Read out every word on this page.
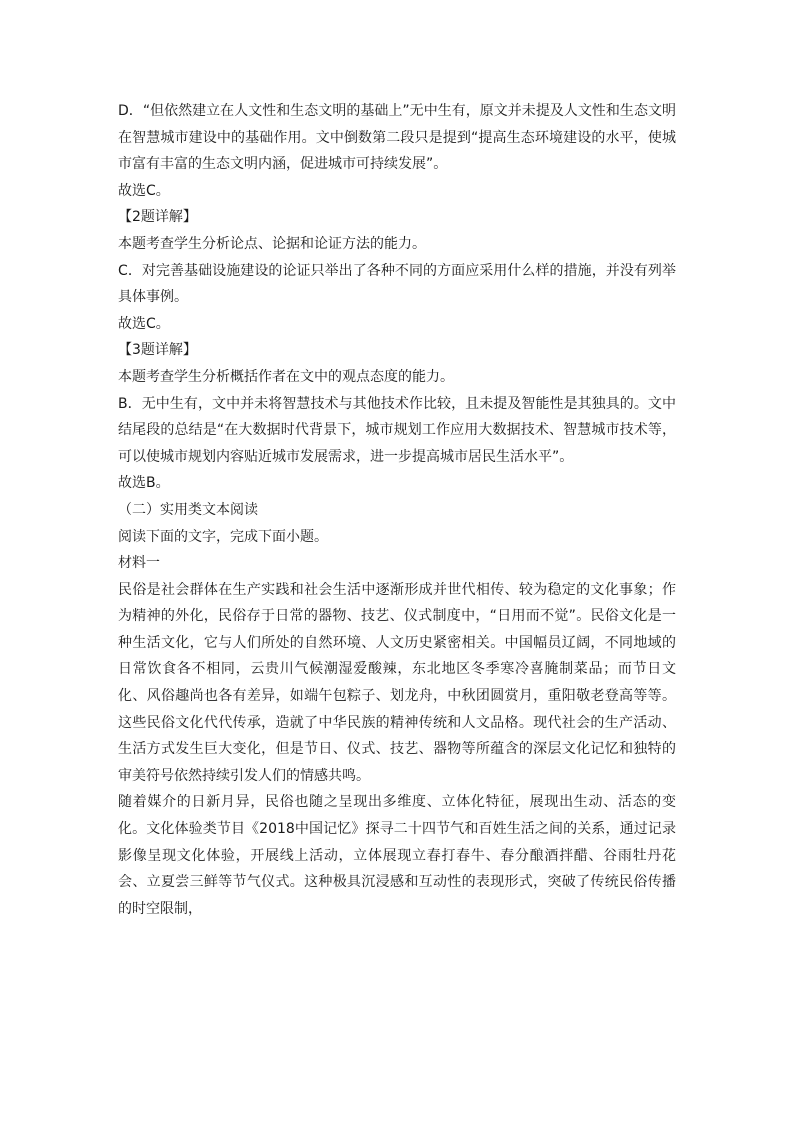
D．“但依然建立在人文性和生态文明的基础上”无中生有，原文并未提及人文性和生态文明在智慧城市建设中的基础作用。文中倒数第二段只是提到“提高生态环境建设的水平，使城市富有丰富的生态文明内涵，促进城市可持续发展”。

故选C。

【2题详解】

本题考查学生分析论点、论据和论证方法的能力。

C．对完善基础设施建设的论证只举出了各种不同的方面应采用什么样的措施，并没有列举具体事例。

故选C。

【3题详解】

本题考查学生分析概括作者在文中的观点态度的能力。

B．无中生有，文中并未将智慧技术与其他技术作比较，且未提及智能性是其独具的。文中结尾段的总结是“在大数据时代背景下，城市规划工作应用大数据技术、智慧城市技术等，可以使城市规划内容贴近城市发展需求，进一步提高城市居民生活水平”。

故选B。

（二）实用类文本阅读

阅读下面的文字，完成下面小题。

材料一

民俗是社会群体在生产实践和社会生活中逐渐形成并世代相传、较为稳定的文化事象；作为精神的外化，民俗存于日常的器物、技艺、仪式制度中，“日用而不觉”。民俗文化是一种生活文化，它与人们所处的自然环境、人文历史紧密相关。中国幅员辽阔，不同地域的日常饮食各不相同，云贵川气候潮湿爱酸辣，东北地区冬季寒冷喜腌制菜品；而节日文化、风俗趣尚也各有差异，如端午包粽子、划龙舟，中秋团圆赏月，重阳敬老登高等等。这些民俗文化代代传承，造就了中华民族的精神传统和人文品格。现代社会的生产活动、生活方式发生巨大变化，但是节日、仪式、技艺、器物等所蕴含的深层文化记忆和独特的审美符号依然持续引发人们的情感共鸣。

随着媒介的日新月异，民俗也随之呈现出多维度、立体化特征，展现出生动、活态的变化。文化体验类节目《2018中国记忆》探寻二十四节气和百姓生活之间的关系，通过记录影像呈现文化体验，开展线上活动，立体展现立春打春牛、春分酿酒拌醋、谷雨牡丹花会、立夏尝三鲜等节气仪式。这种极具沉浸感和互动性的表现形式，突破了传统民俗传播的时空限制，
